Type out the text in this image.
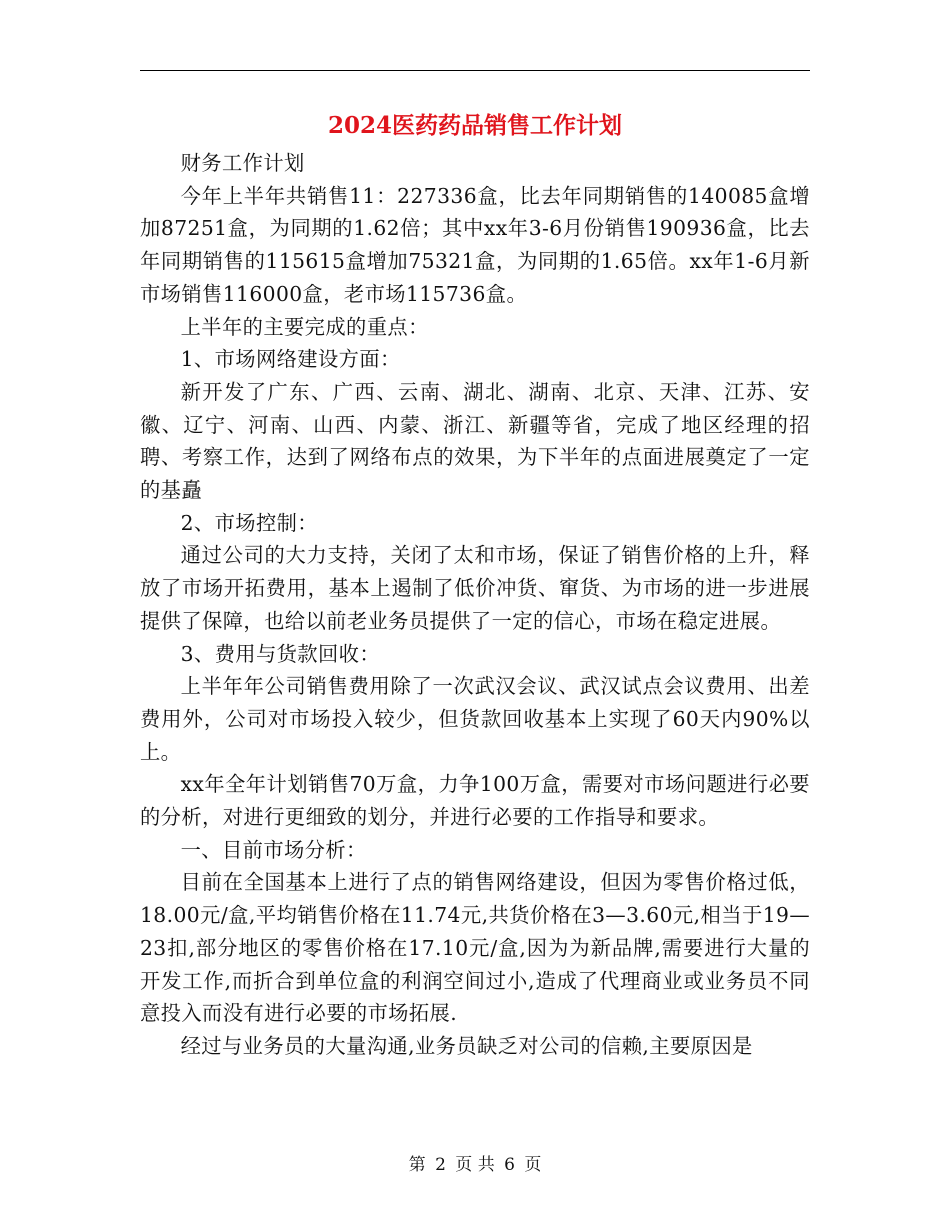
2024医药药品销售工作计划

财务工作计划

今年上半年共销售11：227336盒，比去年同期销售的140085盒增加87251盒，为同期的1.62倍；其中xx年3-6月份销售190936盒，比去年同期销售的115615盒增加75321盒，为同期的1.65倍。xx年1-6月新市场销售116000盒，老市场115736盒。

上半年的主要完成的重点：

1、市场网络建设方面：

新开发了广东、广西、云南、湖北、湖南、北京、天津、江苏、安徽、辽宁、河南、山西、内蒙、浙江、新疆等省，完成了地区经理的招聘、考察工作，达到了网络布点的效果，为下半年的点面进展奠定了一定的基矗

2、市场控制：

通过公司的大力支持，关闭了太和市场，保证了销售价格的上升，释放了市场开拓费用，基本上遏制了低价冲货、窜货、为市场的进一步进展提供了保障，也给以前老业务员提供了一定的信心，市场在稳定进展。

3、费用与货款回收：

上半年年公司销售费用除了一次武汉会议、武汉试点会议费用、出差费用外，公司对市场投入较少，但货款回收基本上实现了60天内90%以上。

xx年全年计划销售70万盒，力争100万盒，需要对市场问题进行必要的分析，对进行更细致的划分，并进行必要的工作指导和要求。

一、目前市场分析：

目前在全国基本上进行了点的销售网络建设，但因为零售价格过低，18.00元/盒,平均销售价格在11.74元,共货价格在3—3.60元,相当于19—23扣,部分地区的零售价格在17.10元/盒,因为为新品牌,需要进行大量的开发工作,而折合到单位盒的利润空间过小,造成了代理商业或业务员不同意投入而没有进行必要的市场拓展.

经过与业务员的大量沟通,业务员缺乏对公司的信赖,主要原因是

第 2 页 共 6 页
